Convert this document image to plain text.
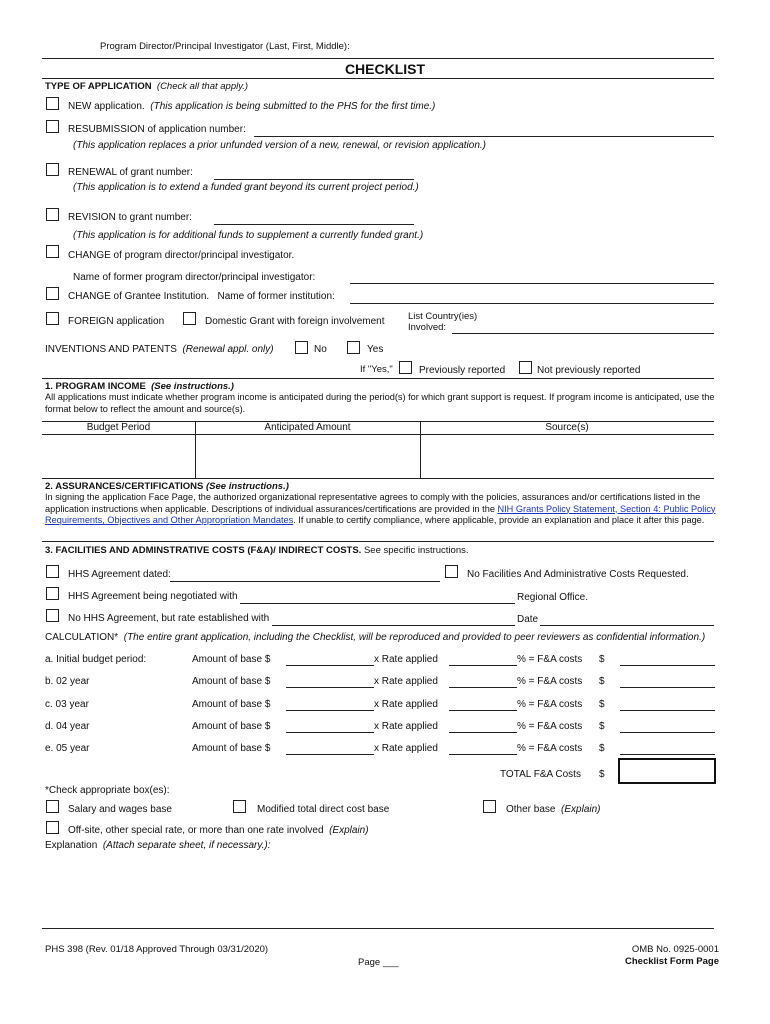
Program Director/Principal Investigator (Last, First, Middle):
CHECKLIST
TYPE OF APPLICATION (Check all that apply.)
NEW application. (This application is being submitted to the PHS for the first time.)
RESUBMISSION of application number:
(This application replaces a prior unfunded version of a new, renewal, or revision application.)
RENEWAL of grant number:
(This application is to extend a funded grant beyond its current project period.)
REVISION to grant number:
(This application is for additional funds to supplement a currently funded grant.)
CHANGE of program director/principal investigator.
Name of former program director/principal investigator:
CHANGE of Grantee Institution. Name of former institution:
FOREIGN application	Domestic Grant with foreign involvement List Country(ies)
Involved:
INVENTIONS AND PATENTS (Renewal appl. only)	No	Yes
If "Yes,"	Previously reported	Not previously reported
1. PROGRAM INCOME (See instructions.)
All applications must indicate whether program income is anticipated during the period(s) for which grant support is request. If program income is anticipated, use the format below to reflect the amount and source(s).
Budget Period	Anticipated Amount	Source(s)
2. ASSURANCES/CERTIFICATIONS (See instructions.)
In signing the application Face Page, the authorized organizational representative agrees to comply with the policies, assurances and/or certifications listed in the application instructions when applicable. Descriptions of individual assurances/certifications are provided in the NIH Grants Policy Statement, Section 4: Public Policy Requirements, Objectives and Other Appropriation Mandates. If unable to certify compliance, where applicable, provide an explanation and place it after this page.
3. FACILITIES AND ADMINSTRATIVE COSTS (F&A)/ INDIRECT COSTS. See specific instructions.
HHS Agreement dated:	No Facilities And Administrative Costs Requested.
HHS Agreement being negotiated with	Regional Office.
No HHS Agreement, but rate established with	Date
CALCULATION* (The entire grant application, including the Checklist, will be reproduced and provided to peer reviewers as confidential information.)
a. Initial budget period:	Amount of base $	x Rate applied	% = F&A costs $
b. 02 year	Amount of base $	x Rate applied	% = F&A costs $
c. 03 year	Amount of base $	x Rate applied	% = F&A costs $
d. 04 year	Amount of base $	x Rate applied	% = F&A costs $
e. 05 year	Amount of base $	x Rate applied	% = F&A costs $
TOTAL F&A Costs $
*Check appropriate box(es):
Salary and wages base	Modified total direct cost base	Other base (Explain)
Off-site, other special rate, or more than one rate involved (Explain)
Explanation (Attach separate sheet, if necessary.):
PHS 398 (Rev. 01/18 Approved Through 03/31/2020)
Page ___
OMB No. 0925-0001
Checklist Form Page
